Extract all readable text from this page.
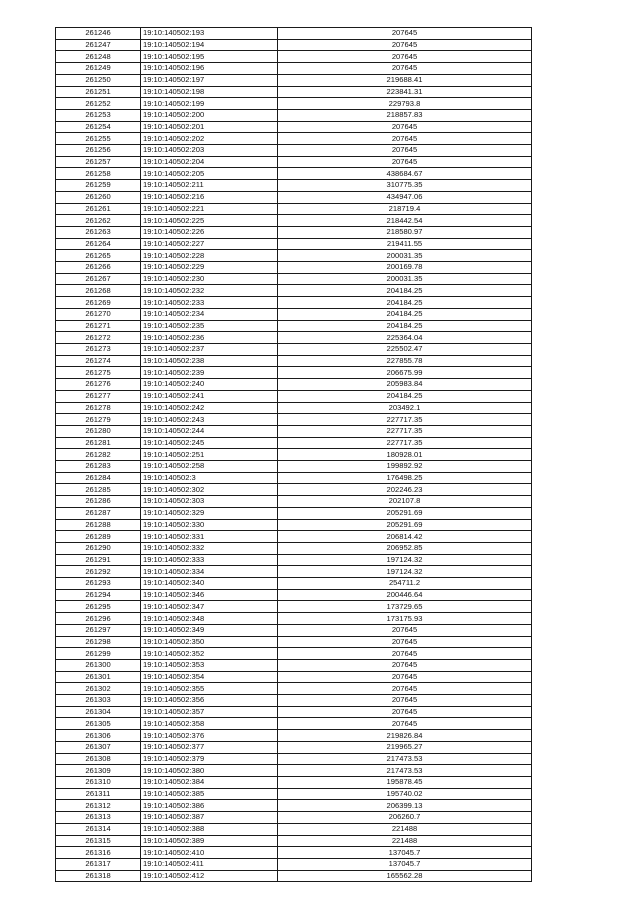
261246	19:10:140502:193	207645
261247	19:10:140502:194	207645
261248	19:10:140502:195	207645
261249	19:10:140502:196	207645
261250	19:10:140502:197	219688.41
261251	19:10:140502:198	223841.31
261252	19:10:140502:199	229793.8
261253	19:10:140502:200	218857.83
261254	19:10:140502:201	207645
261255	19:10:140502:202	207645
261256	19:10:140502:203	207645
261257	19:10:140502:204	207645
261258	19:10:140502:205	438684.67
261259	19:10:140502:211	310775.35
261260	19:10:140502:216	434947.06
261261	19:10:140502:221	218719.4
261262	19:10:140502:225	218442.54
261263	19:10:140502:226	218580.97
261264	19:10:140502:227	219411.55
261265	19:10:140502:228	200031.35
261266	19:10:140502:229	200169.78
261267	19:10:140502:230	200031.35
261268	19:10:140502:232	204184.25
261269	19:10:140502:233	204184.25
261270	19:10:140502:234	204184.25
261271	19:10:140502:235	204184.25
261272	19:10:140502:236	225364.04
261273	19:10:140502:237	225502.47
261274	19:10:140502:238	227855.78
261275	19:10:140502:239	206675.99
261276	19:10:140502:240	205983.84
261277	19:10:140502:241	204184.25
261278	19:10:140502:242	203492.1
261279	19:10:140502:243	227717.35
261280	19:10:140502:244	227717.35
261281	19:10:140502:245	227717.35
261282	19:10:140502:251	180928.01
261283	19:10:140502:258	199892.92
261284	19:10:140502:3	176498.25
261285	19:10:140502:302	202246.23
261286	19:10:140502:303	202107.8
261287	19:10:140502:329	205291.69
261288	19:10:140502:330	205291.69
261289	19:10:140502:331	206814.42
261290	19:10:140502:332	206952.85
261291	19:10:140502:333	197124.32
261292	19:10:140502:334	197124.32
261293	19:10:140502:340	254711.2
261294	19:10:140502:346	200446.64
261295	19:10:140502:347	173729.65
261296	19:10:140502:348	173175.93
261297	19:10:140502:349	207645
261298	19:10:140502:350	207645
261299	19:10:140502:352	207645
261300	19:10:140502:353	207645
261301	19:10:140502:354	207645
261302	19:10:140502:355	207645
261303	19:10:140502:356	207645
261304	19:10:140502:357	207645
261305	19:10:140502:358	207645
261306	19:10:140502:376	219826.84
261307	19:10:140502:377	219965.27
261308	19:10:140502:379	217473.53
261309	19:10:140502:380	217473.53
261310	19:10:140502:384	195878.45
261311	19:10:140502:385	195740.02
261312	19:10:140502:386	206399.13
261313	19:10:140502:387	206260.7
261314	19:10:140502:388	221488
261315	19:10:140502:389	221488
261316	19:10:140502:410	137045.7
261317	19:10:140502:411	137045.7
261318	19:10:140502:412	165562.28
